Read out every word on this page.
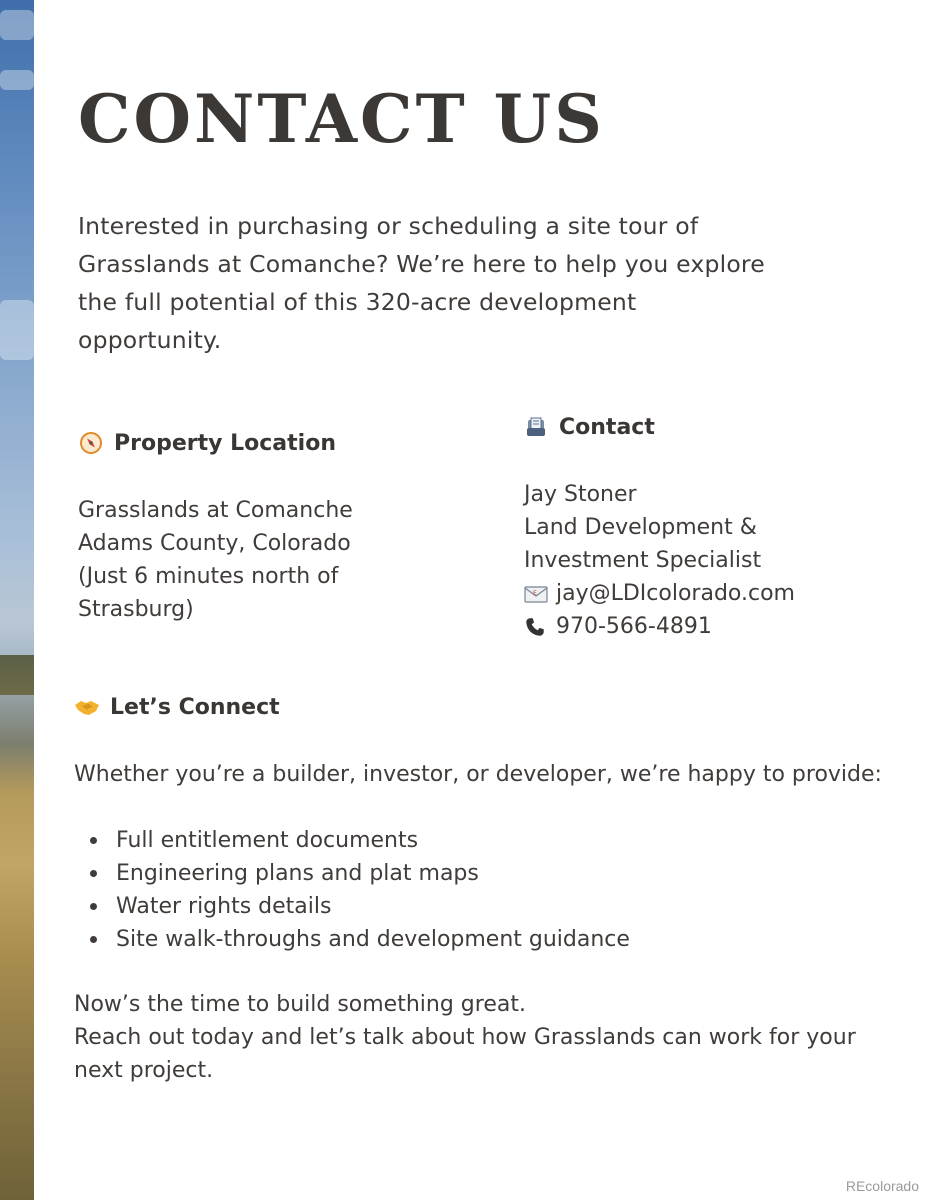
CONTACT US

Interested in purchasing or scheduling a site tour of Grasslands at Comanche? We’re here to help you explore the full potential of this 320-acre development opportunity.

Property Location
Grasslands at Comanche
Adams County, Colorado
(Just 6 minutes north of
Strasburg)
Contact
Jay Stoner
Land Development &
Investment Specialist
E jay@LDIcolorado.com
970-566-4891
Let’s Connect

Whether you’re a builder, investor, or developer, we’re happy to provide:

Full entitlement documents
Engineering plans and plat maps
Water rights details
Site walk-throughs and development guidance
Now’s the time to build something great.
Reach out today and let’s talk about how Grasslands can work for your next project.
REcolorado
